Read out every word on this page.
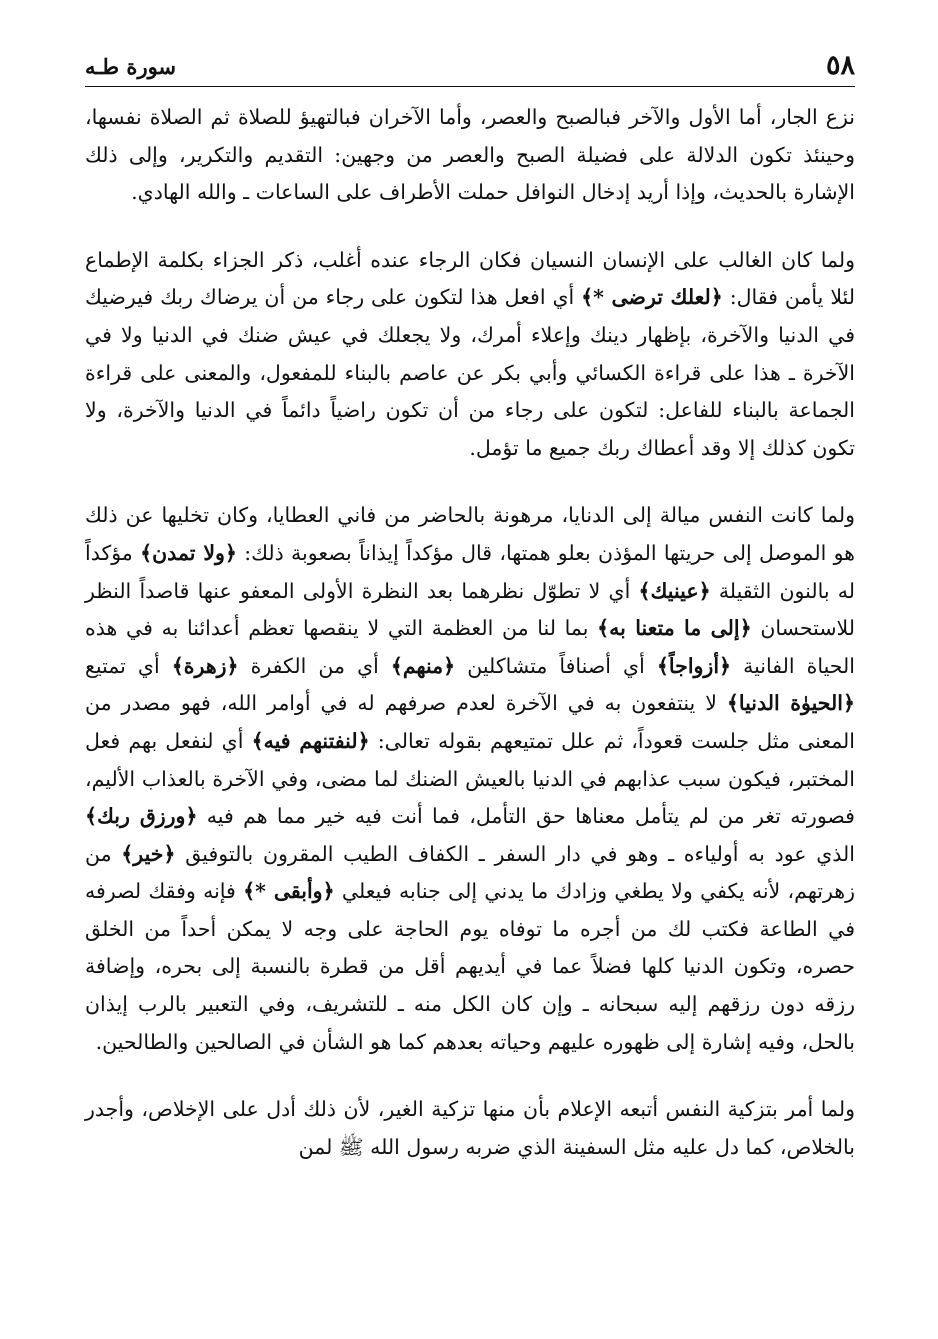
٥٨
سورة طـه

نزع الجار، أما الأول والآخر فبالصبح والعصر، وأما الآخران فبالتهيؤ للصلاة ثم الصلاة نفسها، وحينئذ تكون الدلالة على فضيلة الصبح والعصر من وجهين: التقديم والتكرير، وإلى ذلك الإشارة بالحديث، وإذا أريد إدخال النوافل حملت الأطراف على الساعات ـ والله الهادي.

ولما كان الغالب على الإنسان النسيان فكان الرجاء عنده أغلب، ذكر الجزاء بكلمة الإطماع لئلا يأمن فقال: ﴿لعلك ترضى *﴾ أي افعل هذا لتكون على رجاء من أن يرضاك ربك فيرضيك في الدنيا والآخرة، بإظهار دينك وإعلاء أمرك، ولا يجعلك في عيش ضنك في الدنيا ولا في الآخرة ـ هذا على قراءة الكسائي وأبي بكر عن عاصم بالبناء للمفعول، والمعنى على قراءة الجماعة بالبناء للفاعل: لتكون على رجاء من أن تكون راضياً دائماً في الدنيا والآخرة، ولا تكون كذلك إلا وقد أعطاك ربك جميع ما تؤمل.

ولما كانت النفس ميالة إلى الدنايا، مرهونة بالحاضر من فاني العطايا، وكان تخليها عن ذلك هو الموصل إلى حريتها المؤذن بعلو همتها، قال مؤكداً إيذاناً بصعوبة ذلك: ﴿ولا تمدن﴾ مؤكداً له بالنون الثقيلة ﴿عينيك﴾ أي لا تطوّل نظرهما بعد النظرة الأولى المعفو عنها قاصداً النظر للاستحسان ﴿إلى ما متعنا به﴾ بما لنا من العظمة التي لا ينقصها تعظم أعدائنا به في هذه الحياة الفانية ﴿أزواجاً﴾ أي أصنافاً متشاكلين ﴿منهم﴾ أي من الكفرة ﴿زهرة﴾ أي تمتيع ﴿الحيوٰة الدنيا﴾ لا ينتفعون به في الآخرة لعدم صرفهم له في أوامر الله، فهو مصدر من المعنى مثل جلست قعوداً، ثم علل تمتيعهم بقوله تعالى: ﴿لنفتنهم فيه﴾ أي لنفعل بهم فعل المختبر، فيكون سبب عذابهم في الدنيا بالعيش الضنك لما مضى، وفي الآخرة بالعذاب الأليم، فصورته تغر من لم يتأمل معناها حق التأمل، فما أنت فيه خير مما هم فيه ﴿ورزق ربك﴾ الذي عود به أولياءه ـ وهو في دار السفر ـ الكفاف الطيب المقرون بالتوفيق ﴿خير﴾ من زهرتهم، لأنه يكفي ولا يطغي وزادك ما يدني إلى جنابه فيعلي ﴿وأبقى *﴾ فإنه وفقك لصرفه في الطاعة فكتب لك من أجره ما توفاه يوم الحاجة على وجه لا يمكن أحداً من الخلق حصره، وتكون الدنيا كلها فضلاً عما في أيديهم أقل من قطرة بالنسبة إلى بحره، وإضافة رزقه دون رزقهم إليه سبحانه ـ وإن كان الكل منه ـ للتشريف، وفي التعبير بالرب إيذان بالحل، وفيه إشارة إلى ظهوره عليهم وحياته بعدهم كما هو الشأن في الصالحين والطالحين.

ولما أمر بتزكية النفس أتبعه الإعلام بأن منها تزكية الغير، لأن ذلك أدل على الإخلاص، وأجدر بالخلاص، كما دل عليه مثل السفينة الذي ضربه رسول الله ﷺ لمن
